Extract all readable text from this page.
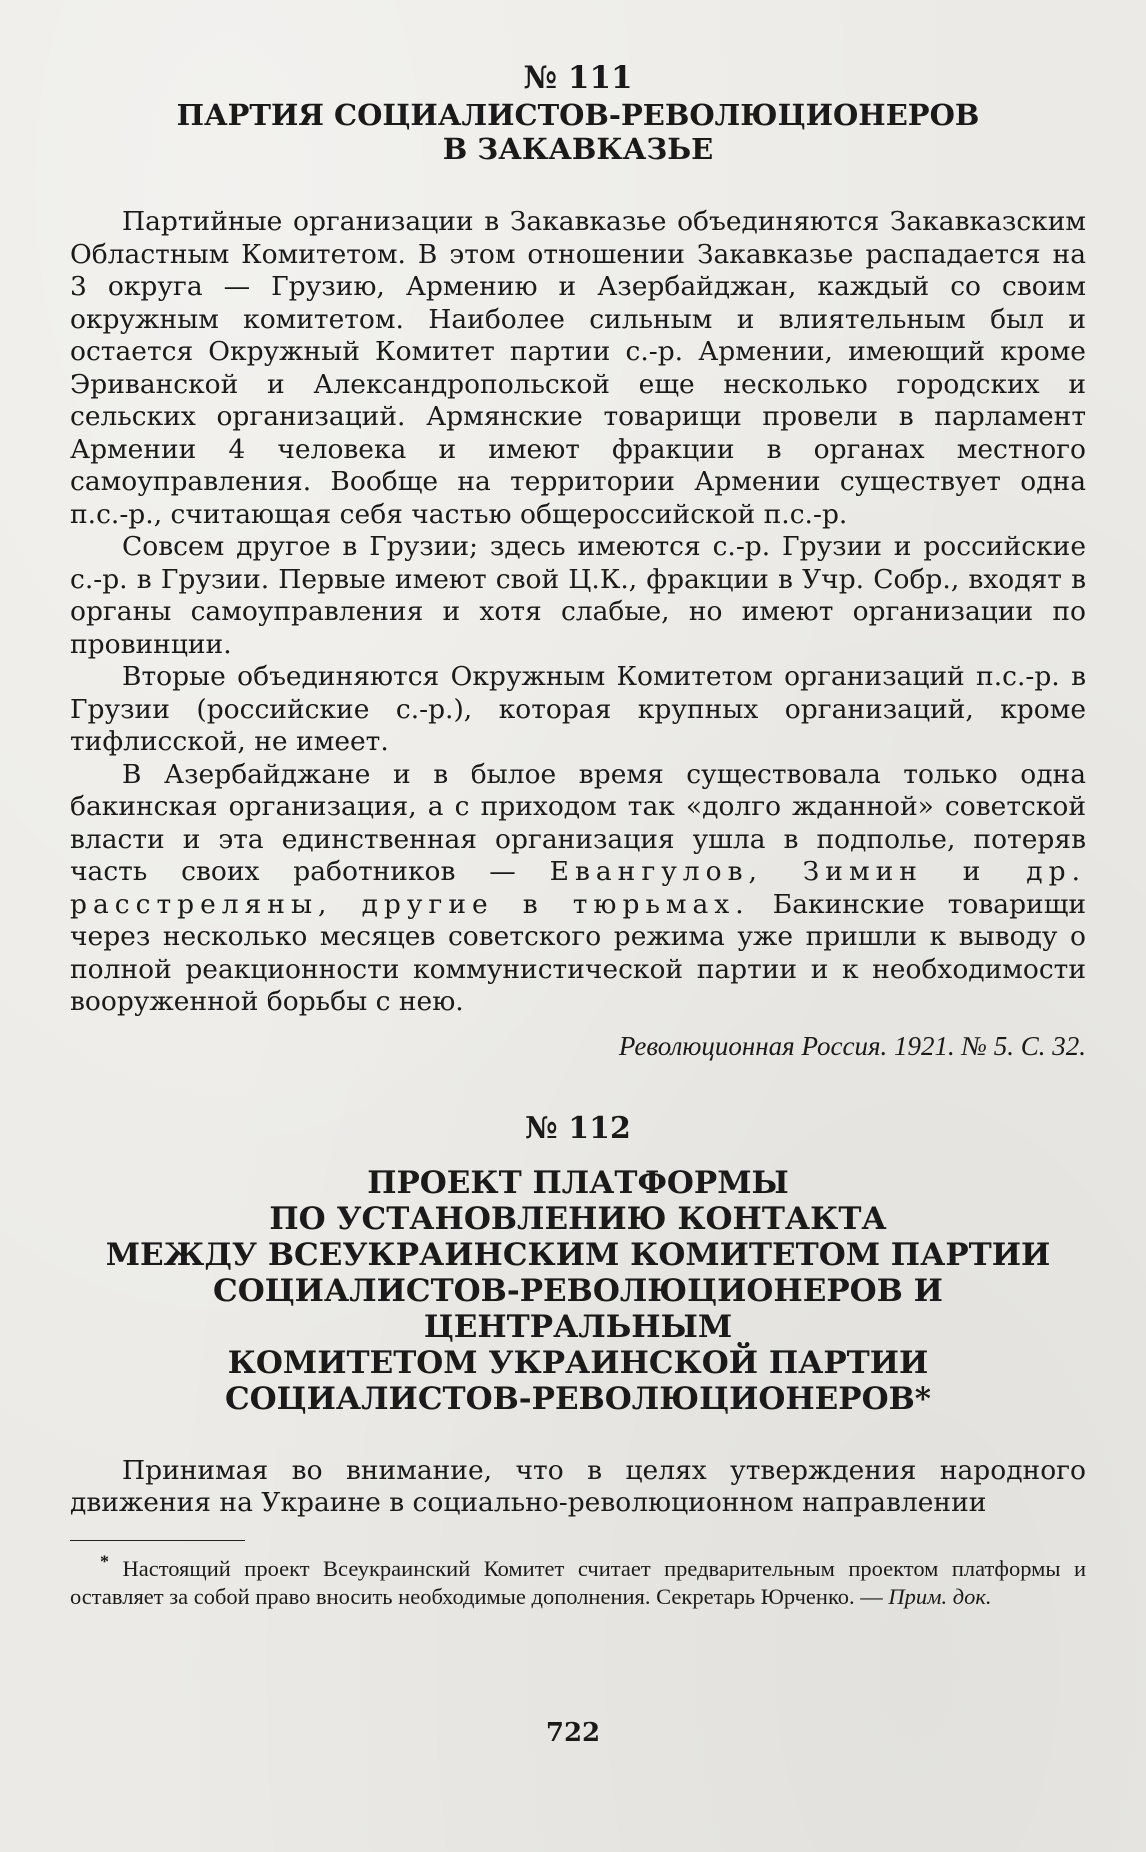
№ 111
ПАРТИЯ СОЦИАЛИСТОВ-РЕВОЛЮЦИОНЕРОВ
В ЗАКАВКАЗЬЕ

Партийные организации в Закавказье объединяются Закавказским Областным Комитетом. В этом отношении Закавказье распадается на 3 округа — Грузию, Армению и Азербайджан, каждый со своим окружным комитетом. Наиболее сильным и влиятельным был и остается Окружный Комитет партии с.-р. Армении, имеющий кроме Эриванской и Александропольской еще несколько городских и сельских организаций. Армянские товарищи провели в парламент Армении 4 человека и имеют фракции в органах местного самоуправления. Вообще на территории Армении существует одна п.с.-р., считающая себя частью общероссийской п.с.-р.

Совсем другое в Грузии; здесь имеются с.-р. Грузии и российские с.-р. в Грузии. Первые имеют свой Ц.К., фракции в Учр. Собр., входят в органы самоуправления и хотя слабые, но имеют организации по провинции.

Вторые объединяются Окружным Комитетом организаций п.с.-р. в Грузии (российские с.-р.), которая крупных организаций, кроме тифлисской, не имеет.

В Азербайджане и в былое время существовала только одна бакинская организация, а с приходом так «долго жданной» советской власти и эта единственная организация ушла в подполье, потеряв часть своих работников — Евангулов, Зимин и др. расстреляны, другие в тюрьмах. Бакинские товарищи через несколько месяцев советского режима уже пришли к выводу о полной реакционности коммунистической партии и к необходимости вооруженной борьбы с нею.

Революционная Россия. 1921. № 5. С. 32.

№ 112
ПРОЕКТ ПЛАТФОРМЫ
ПО УСТАНОВЛЕНИЮ КОНТАКТА
МЕЖДУ ВСЕУКРАИНСКИМ КОМИТЕТОМ ПАРТИИ
СОЦИАЛИСТОВ-РЕВОЛЮЦИОНЕРОВ И ЦЕНТРАЛЬНЫМ
КОМИТЕТОМ УКРАИНСКОЙ ПАРТИИ
СОЦИАЛИСТОВ-РЕВОЛЮЦИОНЕРОВ*

Принимая во внимание, что в целях утверждения народного движения на Украине в социально-революционном направлении

* Настоящий проект Всеукраинский Комитет считает предварительным проектом платформы и оставляет за собой право вносить необходимые дополнения. Секретарь Юрченко. — Прим. док.

722
